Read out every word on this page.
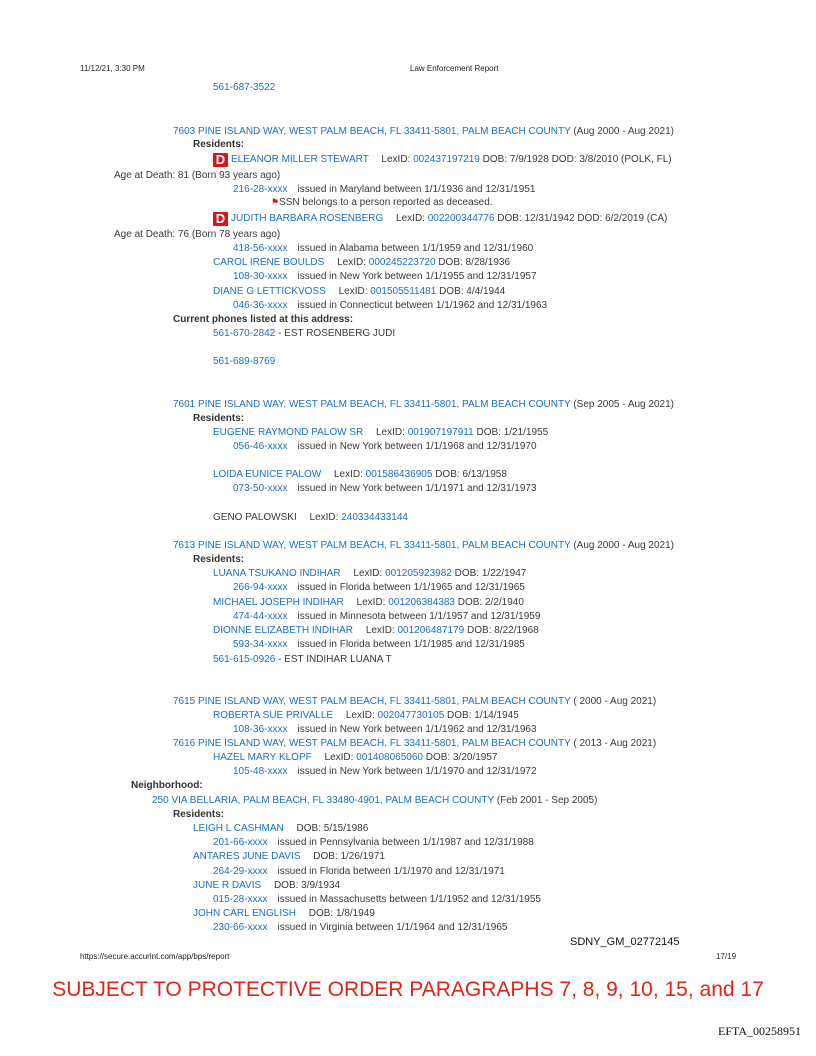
11/12/21, 3:30 PM	Law Enforcement Report
561-687-3522
7603 PINE ISLAND WAY, WEST PALM BEACH, FL 33411-5801, PALM BEACH COUNTY (Aug 2000 - Aug 2021)
Residents:
D ELEANOR MILLER STEWART LexID: 002437197219 DOB: 7/9/1928 DOD: 3/8/2010 (POLK, FL)
Age at Death: 81 (Born 93 years ago)
216-28-xxxx issued in Maryland between 1/1/1936 and 12/31/1951
⚑SSN belongs to a person reported as deceased.
D JUDITH BARBARA ROSENBERG LexID: 002200344776 DOB: 12/31/1942 DOD: 6/2/2019 (CA)
Age at Death: 76 (Born 78 years ago)
418-56-xxxx issued in Alabama between 1/1/1959 and 12/31/1960
CAROL IRENE BOULDS LexID: 000245223720 DOB: 8/28/1936
108-30-xxxx issued in New York between 1/1/1955 and 12/31/1957
DIANE G LETTICKVOSS LexID: 001505511481 DOB: 4/4/1944
046-36-xxxx issued in Connecticut between 1/1/1962 and 12/31/1963
Current phones listed at this address:
561-670-2842 - EST ROSENBERG JUDI
561-689-8769
7601 PINE ISLAND WAY, WEST PALM BEACH, FL 33411-5801, PALM BEACH COUNTY (Sep 2005 - Aug 2021)
Residents:
EUGENE RAYMOND PALOW SR LexID: 001907197911 DOB: 1/21/1955
056-46-xxxx issued in New York between 1/1/1968 and 12/31/1970
LOIDA EUNICE PALOW LexID: 001586436905 DOB: 6/13/1958
073-50-xxxx issued in New York between 1/1/1971 and 12/31/1973
GENO PALOWSKI LexID: 240334433144
7613 PINE ISLAND WAY, WEST PALM BEACH, FL 33411-5801, PALM BEACH COUNTY (Aug 2000 - Aug 2021)
Residents:
LUANA TSUKANO INDIHAR LexID: 001205923982 DOB: 1/22/1947
266-94-xxxx issued in Florida between 1/1/1965 and 12/31/1965
MICHAEL JOSEPH INDIHAR LexID: 001206384383 DOB: 2/2/1940
474-44-xxxx issued in Minnesota between 1/1/1957 and 12/31/1959
DIONNE ELIZABETH INDIHAR LexID: 001206487179 DOB: 8/22/1968
593-34-xxxx issued in Florida between 1/1/1985 and 12/31/1985
561-615-0926 - EST INDIHAR LUANA T
7615 PINE ISLAND WAY, WEST PALM BEACH, FL 33411-5801, PALM BEACH COUNTY ( 2000 - Aug 2021)
ROBERTA SUE PRIVALLE LexID: 002047730105 DOB: 1/14/1945
108-36-xxxx issued in New York between 1/1/1962 and 12/31/1963
7616 PINE ISLAND WAY, WEST PALM BEACH, FL 33411-5801, PALM BEACH COUNTY ( 2013 - Aug 2021)
HAZEL MARY KLOPF LexID: 001408065060 DOB: 3/20/1957
105-48-xxxx issued in New York between 1/1/1970 and 12/31/1972
Neighborhood:
250 VIA BELLARIA, PALM BEACH, FL 33480-4901, PALM BEACH COUNTY (Feb 2001 - Sep 2005)
Residents:
LEIGH L CASHMAN DOB: 5/15/1986
201-66-xxxx issued in Pennsylvania between 1/1/1987 and 12/31/1988
ANTARES JUNE DAVIS DOB: 1/26/1971
264-29-xxxx issued in Florida between 1/1/1970 and 12/31/1971
JUNE R DAVIS DOB: 3/9/1934
015-28-xxxx issued in Massachusetts between 1/1/1952 and 12/31/1955
JOHN CARL ENGLISH DOB: 1/8/1949
230-66-xxxx issued in Virginia between 1/1/1964 and 12/31/1965
SDNY_GM_02772145
https://secure.accurint.com/app/bps/report	17/19
SUBJECT TO PROTECTIVE ORDER PARAGRAPHS 7, 8, 9, 10, 15, and 17
EFTA_00258951
